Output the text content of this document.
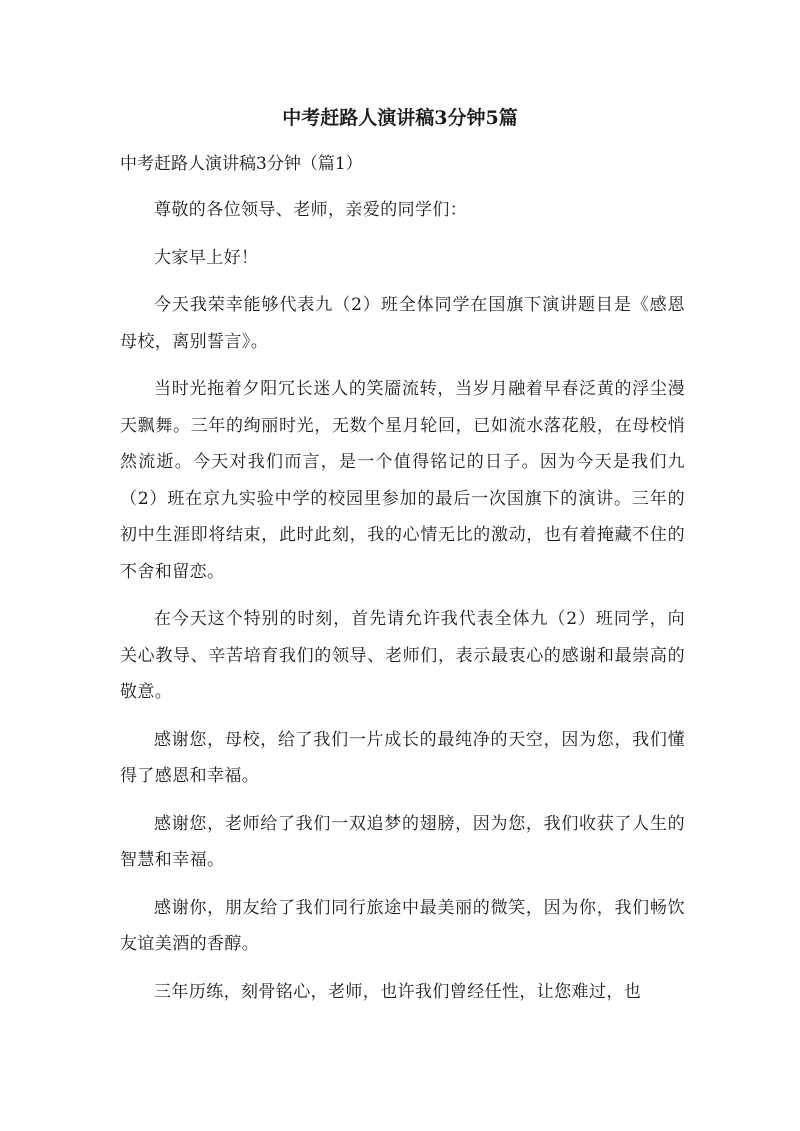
中考赶路人演讲稿3分钟5篇

中考赶路人演讲稿3分钟（篇1）

尊敬的各位领导、老师，亲爱的同学们：

大家早上好！

今天我荣幸能够代表九（2）班全体同学在国旗下演讲题目是《感恩母校，离别誓言》。

当时光拖着夕阳冗长迷人的笑靥流转，当岁月融着早春泛黄的浮尘漫天飘舞。三年的绚丽时光，无数个星月轮回，已如流水落花般，在母校悄然流逝。今天对我们而言，是一个值得铭记的日子。因为今天是我们九（2）班在京九实验中学的校园里参加的最后一次国旗下的演讲。三年的初中生涯即将结束，此时此刻，我的心情无比的激动，也有着掩藏不住的不舍和留恋。

在今天这个特别的时刻，首先请允许我代表全体九（2）班同学，向关心教导、辛苦培育我们的领导、老师们，表示最衷心的感谢和最崇高的敬意。

感谢您，母校，给了我们一片成长的最纯净的天空，因为您，我们懂得了感恩和幸福。

感谢您，老师给了我们一双追梦的翅膀，因为您，我们收获了人生的智慧和幸福。

感谢你，朋友给了我们同行旅途中最美丽的微笑，因为你，我们畅饮友谊美酒的香醇。

三年历练，刻骨铭心，老师，也许我们曾经任性，让您难过，也
